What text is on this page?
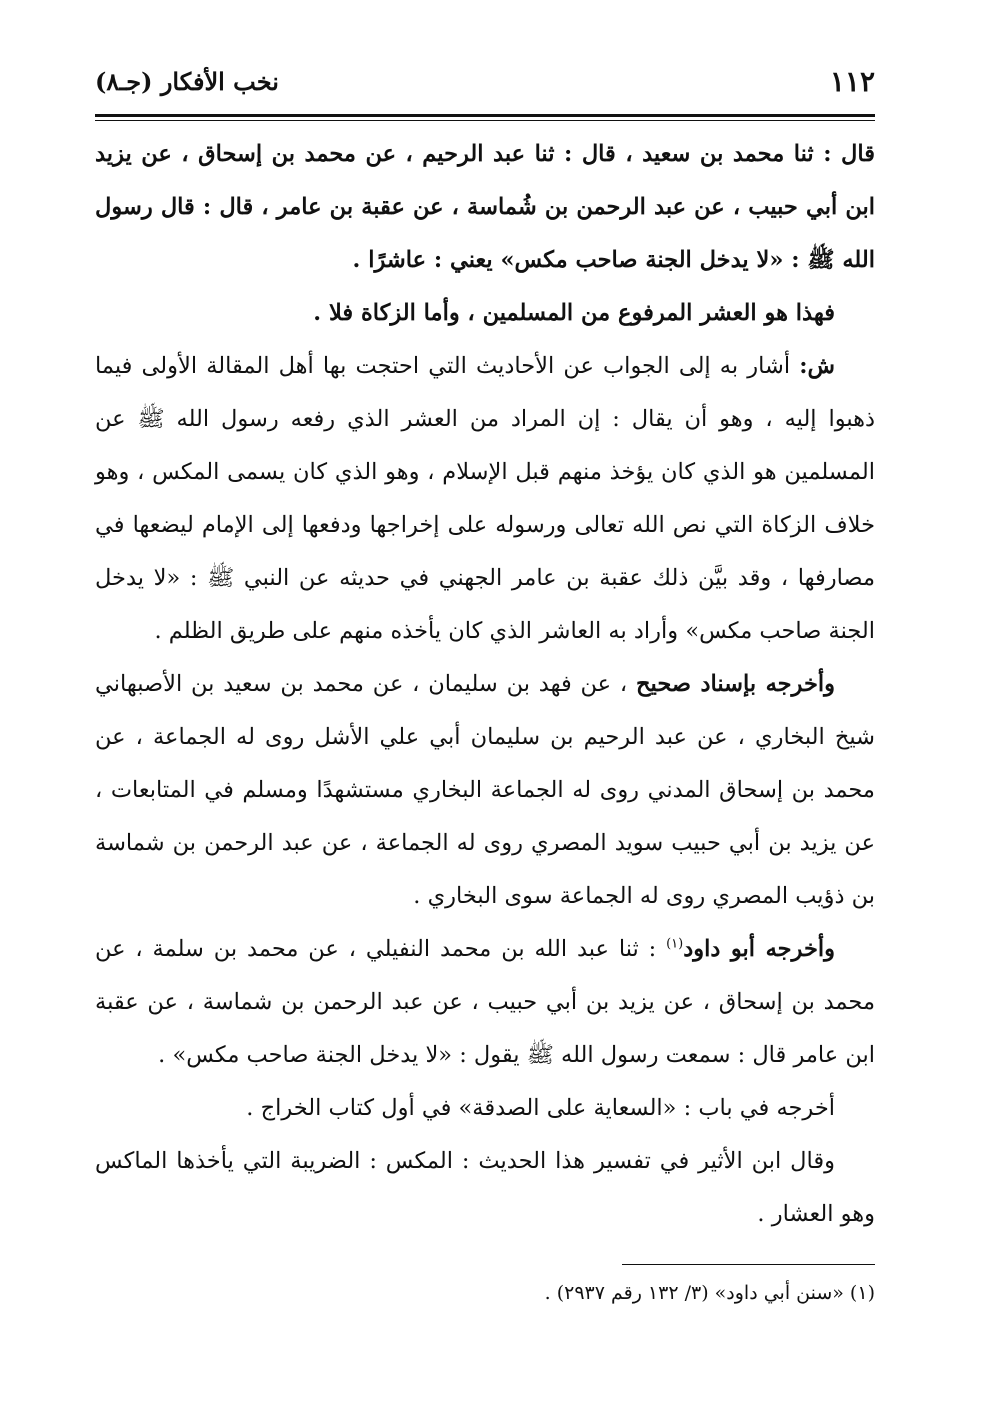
١١٢
نخب الأفكار (جـ٨)

قال : ثنا محمد بن سعيد ، قال : ثنا عبد الرحيم ، عن محمد بن إسحاق ، عن يزيد ابن أبي حبيب ، عن عبد الرحمن بن شُماسة ، عن عقبة بن عامر ، قال : قال رسول الله ﷺ : «لا يدخل الجنة صاحب مكس» يعني : عاشرًا .

فهذا هو العشر المرفوع من المسلمين ، وأما الزكاة فلا .

ش: أشار به إلى الجواب عن الأحاديث التي احتجت بها أهل المقالة الأولى فيما ذهبوا إليه ، وهو أن يقال : إن المراد من العشر الذي رفعه رسول الله ﷺ عن المسلمين هو الذي كان يؤخذ منهم قبل الإسلام ، وهو الذي كان يسمى المكس ، وهو خلاف الزكاة التي نص الله تعالى ورسوله على إخراجها ودفعها إلى الإمام ليضعها في مصارفها ، وقد بيَّن ذلك عقبة بن عامر الجهني في حديثه عن النبي ﷺ : «لا يدخل الجنة صاحب مكس» وأراد به العاشر الذي كان يأخذه منهم على طريق الظلم .

وأخرجه بإسناد صحيح ، عن فهد بن سليمان ، عن محمد بن سعيد بن الأصبهاني شيخ البخاري ، عن عبد الرحيم بن سليمان أبي علي الأشل روى له الجماعة ، عن محمد بن إسحاق المدني روى له الجماعة البخاري مستشهدًا ومسلم في المتابعات ، عن يزيد بن أبي حبيب سويد المصري روى له الجماعة ، عن عبد الرحمن بن شماسة بن ذؤيب المصري روى له الجماعة سوى البخاري .

وأخرجه أبو داود$^{(١)}$ : ثنا عبد الله بن محمد النفيلي ، عن محمد بن سلمة ، عن محمد بن إسحاق ، عن يزيد بن أبي حبيب ، عن عبد الرحمن بن شماسة ، عن عقبة ابن عامر قال : سمعت رسول الله ﷺ يقول : «لا يدخل الجنة صاحب مكس» .

أخرجه في باب : «السعاية على الصدقة» في أول كتاب الخراج .

وقال ابن الأثير في تفسير هذا الحديث : المكس : الضريبة التي يأخذها الماكس وهو العشار .

(١) «سنن أبي داود» (٣/ ١٣٢ رقم ٢٩٣٧) .
